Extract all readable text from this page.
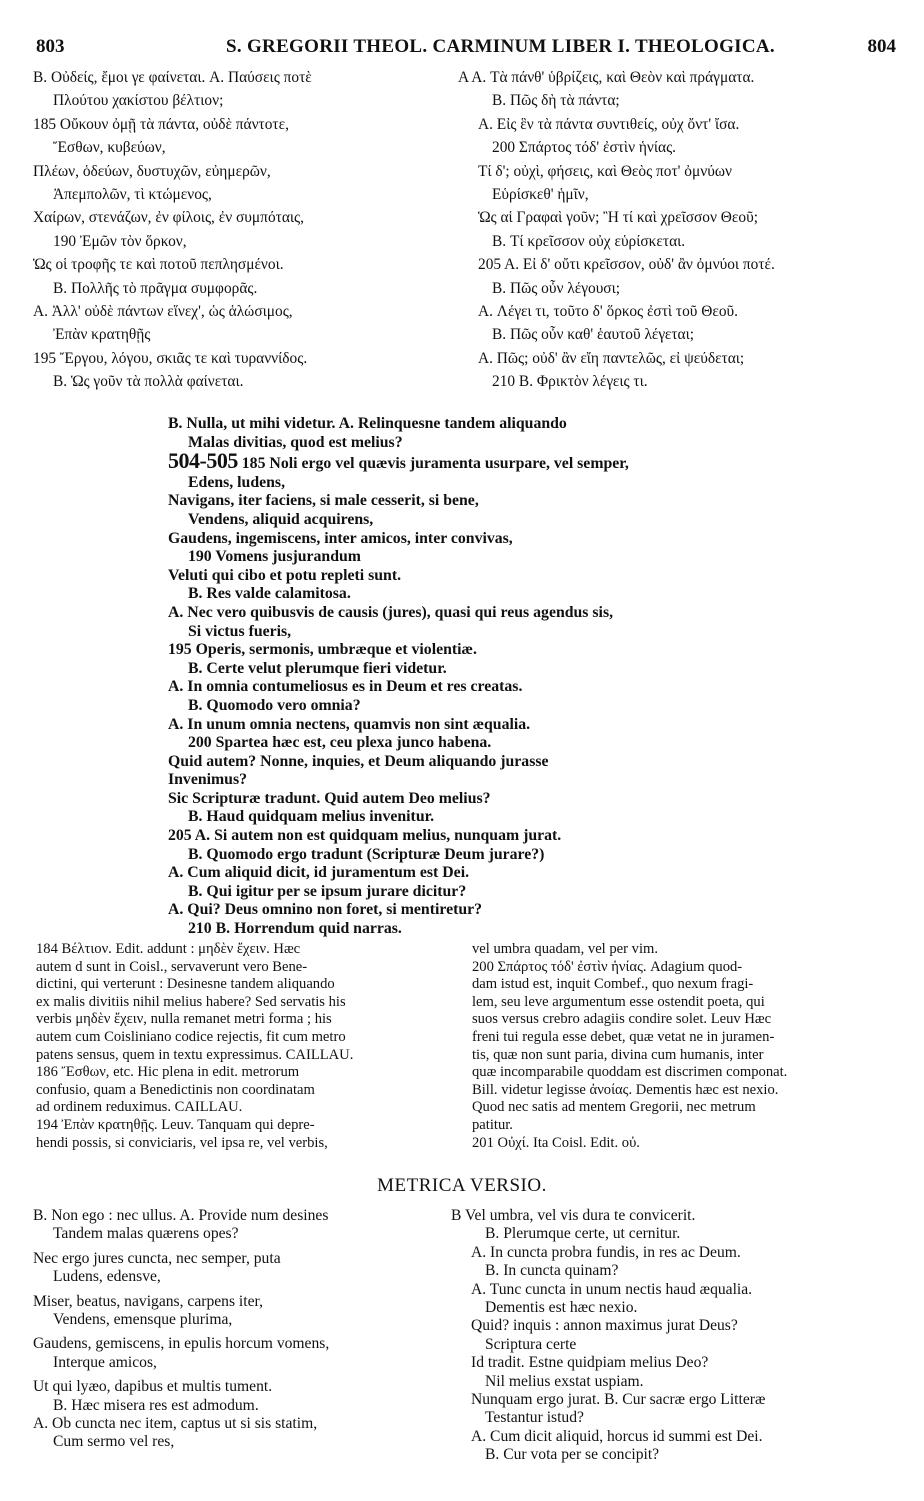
803	S. GREGORII THEOL. CARMINUM LIBER I. THEOLOGICA.	804
B. Οὐδείς, ἔμοι γε φαίνεται. A. Παύσεις ποτὲ
Πλούτου χακίστου βέλτιον;
185 Οὔκουν ὀμῇ τὰ πάντα, οὐδὲ πάντοτε,
Ἔσθων, κυβεύων,
Πλέων, ὁδεύων, δυστυχῶν, εὐημερῶν,
Ἀπεμπολῶν, τὶ κτώμενος,
Χαίρων, στενάζων, ἐν φίλοις, ἐν συμπόταις,
190 Ἐμῶν τὸν ὅρκον,
Ὡς οἱ τροφῆς τε καὶ ποτοῦ πεπλησμένοι.
B. Πολλῆς τὸ πρᾶγμα συμφορᾶς.
A. Ἀλλ' οὐδὲ πάντων εἵνεχ', ὡς ἁλώσιμος,
Ἐπὰν κρατηθῇς
195 Ἔργου, λόγου, σκιᾶς τε καὶ τυραννίδος.
B. Ὡς γοῦν τὰ πολλὰ φαίνεται.
A A. Τὰ πάνθ' ὑβρίζεις, καὶ Θεὸν καὶ πράγματα.
B. Πῶς δὴ τὰ πάντα;
A. Εἰς ἓν τὰ πάντα συντιθείς, οὐχ ὄντ' ἴσα.
200 Σπάρτος τόδ' ἐστὶν ἡνίας.
Τί δ'; οὐχὶ, φήσεις, καὶ Θεὸς ποτ' ὀμνύων
Εὑρίσκεθ' ἡμῖν,
Ὡς αἱ Γραφαὶ γοῦν; Ἢ τί καὶ χρεῖσσον Θεοῦ;
B. Τί κρεῖσσον οὐχ εὑρίσκεται.
205 A. Εἰ δ' οὔτι κρεῖσσον, οὐδ' ἂν ὀμνύοι ποτέ.
B. Πῶς οὖν λέγουσι;
A. Λέγει τι, τοῦτο δ' ὅρκος ἐστὶ τοῦ Θεοῦ.
B. Πῶς οὖν καθ' ἑαυτοῦ λέγεται;
A. Πῶς; οὐδ' ἂν εἴη παντελῶς, εἰ ψεύδεται;
210 B. Φρικτὸν λέγεις τι.
B. Nulla, ut mihi videtur. A. Relinquesne tandem aliquando
Malas divitias, quod est melius?
504-505 185 Noli ergo vel quævis juramenta usurpare, vel semper,
Edens, ludens,
Navigans, iter faciens, si male cesserit, si bene,
Vendens, aliquid acquirens,
Gaudens, ingemiscens, inter amicos, inter convivas,
190 Vomens jusjurandum
Veluti qui cibo et potu repleti sunt.
B. Res valde calamitosa.
A. Nec vero quibusvis de causis (jures), quasi qui reus agendus sis,
Si victus fueris,
195 Operis, sermonis, umbræque et violentiæ.
B. Certe velut plerumque fieri videtur.
A. In omnia contumeliosus es in Deum et res creatas.
B. Quomodo vero omnia?
A. In unum omnia nectens, quamvis non sint æqualia.
200 Spartea hæc est, ceu plexa junco habena.
Quid autem? Nonne, inquies, et Deum aliquando jurasse
Invenimus?
Sic Scripturæ tradunt. Quid autem Deo melius?
B. Haud quidquam melius invenitur.
205 A. Si autem non est quidquam melius, nunquam jurat.
B. Quomodo ergo tradunt (Scripturæ Deum jurare?)
A. Cum aliquid dicit, id juramentum est Dei.
B. Qui igitur per se ipsum jurare dicitur?
A. Qui? Deus omnino non foret, si mentiretur?
210 B. Horrendum quid narras.
184 Βέλτιον. Edit. addunt : μηδὲν ἔχειν. Hæc
autem d sunt in Coisl., servaverunt vero Bene-
dictini, qui verterunt : Desinesne tandem aliquando
ex malis divitiis nihil melius habere? Sed servatis his
verbis μηδὲν ἔχειν, nulla remanet metri forma ; his
autem cum Coisliniano codice rejectis, fit cum metro
patens sensus, quem in textu expressimus. CAILLAU.
186 Ἔσθων, etc. Hic plena in edit. metrorum
confusio, quam a Benedictinis non coordinatam
ad ordinem reduximus. CAILLAU.
194 Ἐπὰν κρατηθῇς. Leuv. Tanquam qui depre-
hendi possis, si conviciaris, vel ipsa re, vel verbis,
vel umbra quadam, vel per vim.
200 Σπάρτος τόδ' ἐστὶν ἡνίας. Adagium quod-
dam istud est, inquit Combef., quo nexum fragi-
lem, seu leve argumentum esse ostendit poeta, qui
suos versus crebro adagiis condire solet. Leuv Hæc
freni tui regula esse debet, quæ vetat ne in juramen-
tis, quæ non sunt paria, divina cum humanis, inter
quæ incomparabile quoddam est discrimen componat.
Bill. videtur legisse ἀνοίας. Dementis hæc est nexio.
Quod nec satis ad mentem Gregorii, nec metrum
patitur.
201 Οὐχί. Ita Coisl. Edit. οὐ.
METRICA VERSIO.
B. Non ego : nec ullus. A. Provide num desines
Tandem malas quærens opes?
Nec ergo jures cuncta, nec semper, puta
Ludens, edensve,
Miser, beatus, navigans, carpens iter,
Vendens, emensque plurima,
Gaudens, gemiscens, in epulis horcum vomens,
Interque amicos,
Ut qui lyæo, dapibus et multis tument.
B. Hæc misera res est admodum.
A. Ob cuncta nec item, captus ut si sis statim,
Cum sermo vel res,
B Vel umbra, vel vis dura te convicerit.
B. Plerumque certe, ut cernitur.
A. In cuncta probra fundis, in res ac Deum.
B. In cuncta quinam?
A. Tunc cuncta in unum nectis haud æqualia.
Dementis est hæc nexio.
Quid? inquis : annon maximus jurat Deus?
Scriptura certe
Id tradit. Estne quidpiam melius Deo?
Nil melius exstat uspiam.
Nunquam ergo jurat. B. Cur sacræ ergo Litteræ
Testantur istud?
A. Cum dicit aliquid, horcus id summi est Dei.
B. Cur vota per se concipit?
